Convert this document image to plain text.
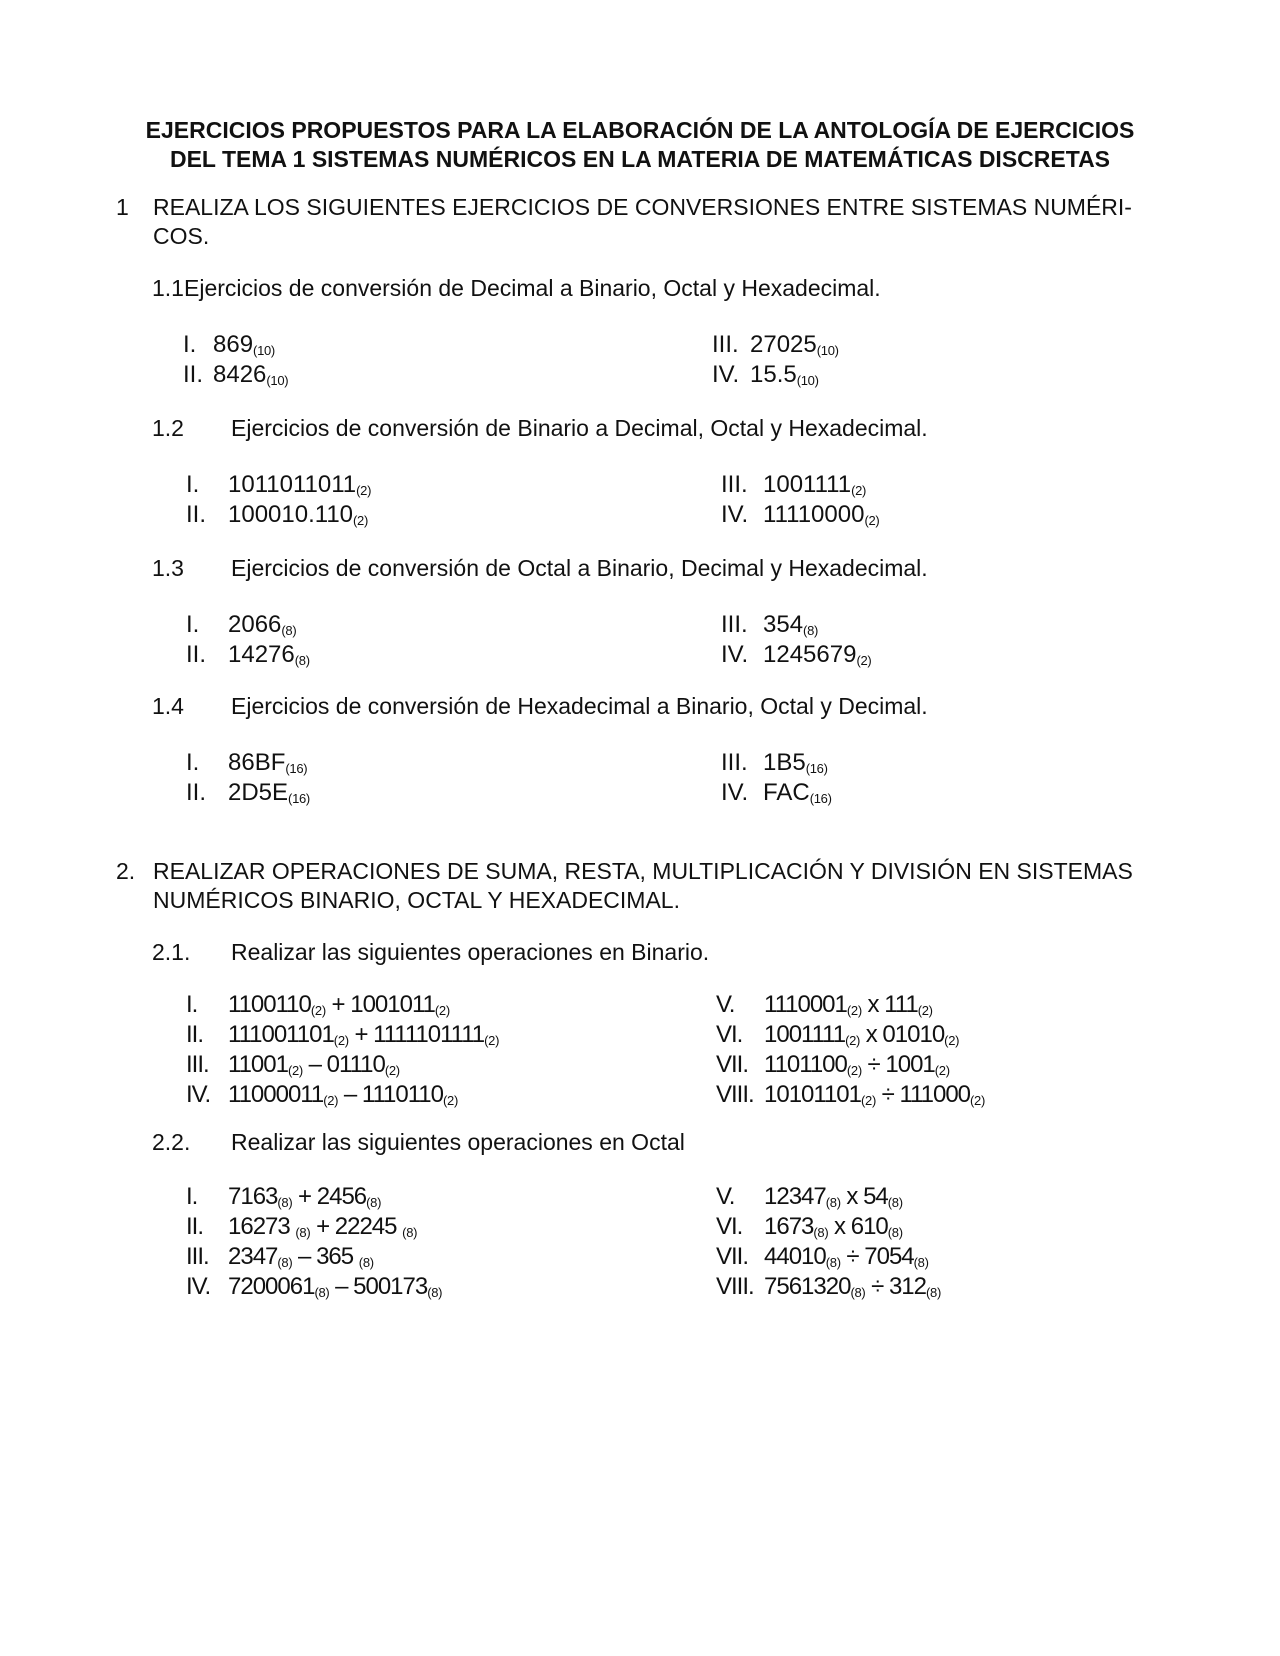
EJERCICIOS PROPUESTOS PARA LA ELABORACIÓN DE LA ANTOLOGÍA DE EJERCICIOS
DEL TEMA 1 SISTEMAS NUMÉRICOS EN LA MATERIA DE MATEMÁTICAS DISCRETAS
1 REALIZA LOS SIGUIENTES EJERCICIOS DE CONVERSIONES ENTRE SISTEMAS NUMÉRI-
COS.
1.1 Ejercicios de conversión de Decimal a Binario, Octal y Hexadecimal.
I. $869_{(10)}$
II. $8426_{(10)}$
III. $27025_{(10)}$
IV. $15.5_{(10)}$
1.2 Ejercicios de conversión de Binario a Decimal, Octal y Hexadecimal.
I. $1011011011_{(2)}$
II. $100010.110_{(2)}$
III. $1001111_{(2)}$
IV. $11110000_{(2)}$
1.3 Ejercicios de conversión de Octal a Binario, Decimal y Hexadecimal.
I. $2066_{(8)}$
II. $14276_{(8)}$
III. $354_{(8)}$
IV. $1245679_{(2)}$
1.4 Ejercicios de conversión de Hexadecimal a Binario, Octal y Decimal.
I. $86BF_{(16)}$
II. $2D5E_{(16)}$
III. $1B5_{(16)}$
IV. $FAC_{(16)}$
2. REALIZAR OPERACIONES DE SUMA, RESTA, MULTIPLICACIÓN Y DIVISIÓN EN SISTEMAS
NUMÉRICOS BINARIO, OCTAL Y HEXADECIMAL.
2.1. Realizar las siguientes operaciones en Binario.
I. $1100110_{(2)} + 1001011_{(2)}$
II. $111001101_{(2)} + 1111101111_{(2)}$
III. $11001_{(2)} - 01110_{(2)}$
IV. $11000011_{(2)} - 1110110_{(2)}$
V. $1110001_{(2)}$ x $111_{(2)}$
VI. $1001111_{(2)}$ x $01010_{(2)}$
VII. $1101100_{(2)} \div 1001_{(2)}$
VIII. $10101101_{(2)} \div 111000_{(2)}$
2.2. Realizar las siguientes operaciones en Octal
I. $7163_{(8)} + 2456_{(8)}$
II. 16273 $_{(8)}$ + 22245 $_{(8)}$
III. $2347_{(8)} - 365$ $_{(8)}$
IV. $7200061_{(8)} - 500173_{(8)}$
V. $12347_{(8)}$ x $54_{(8)}$
VI. $1673_{(8)}$ x $610_{(8)}$
VII. $44010_{(8)} \div 7054_{(8)}$
VIII. $7561320_{(8)} \div 312_{(8)}$
